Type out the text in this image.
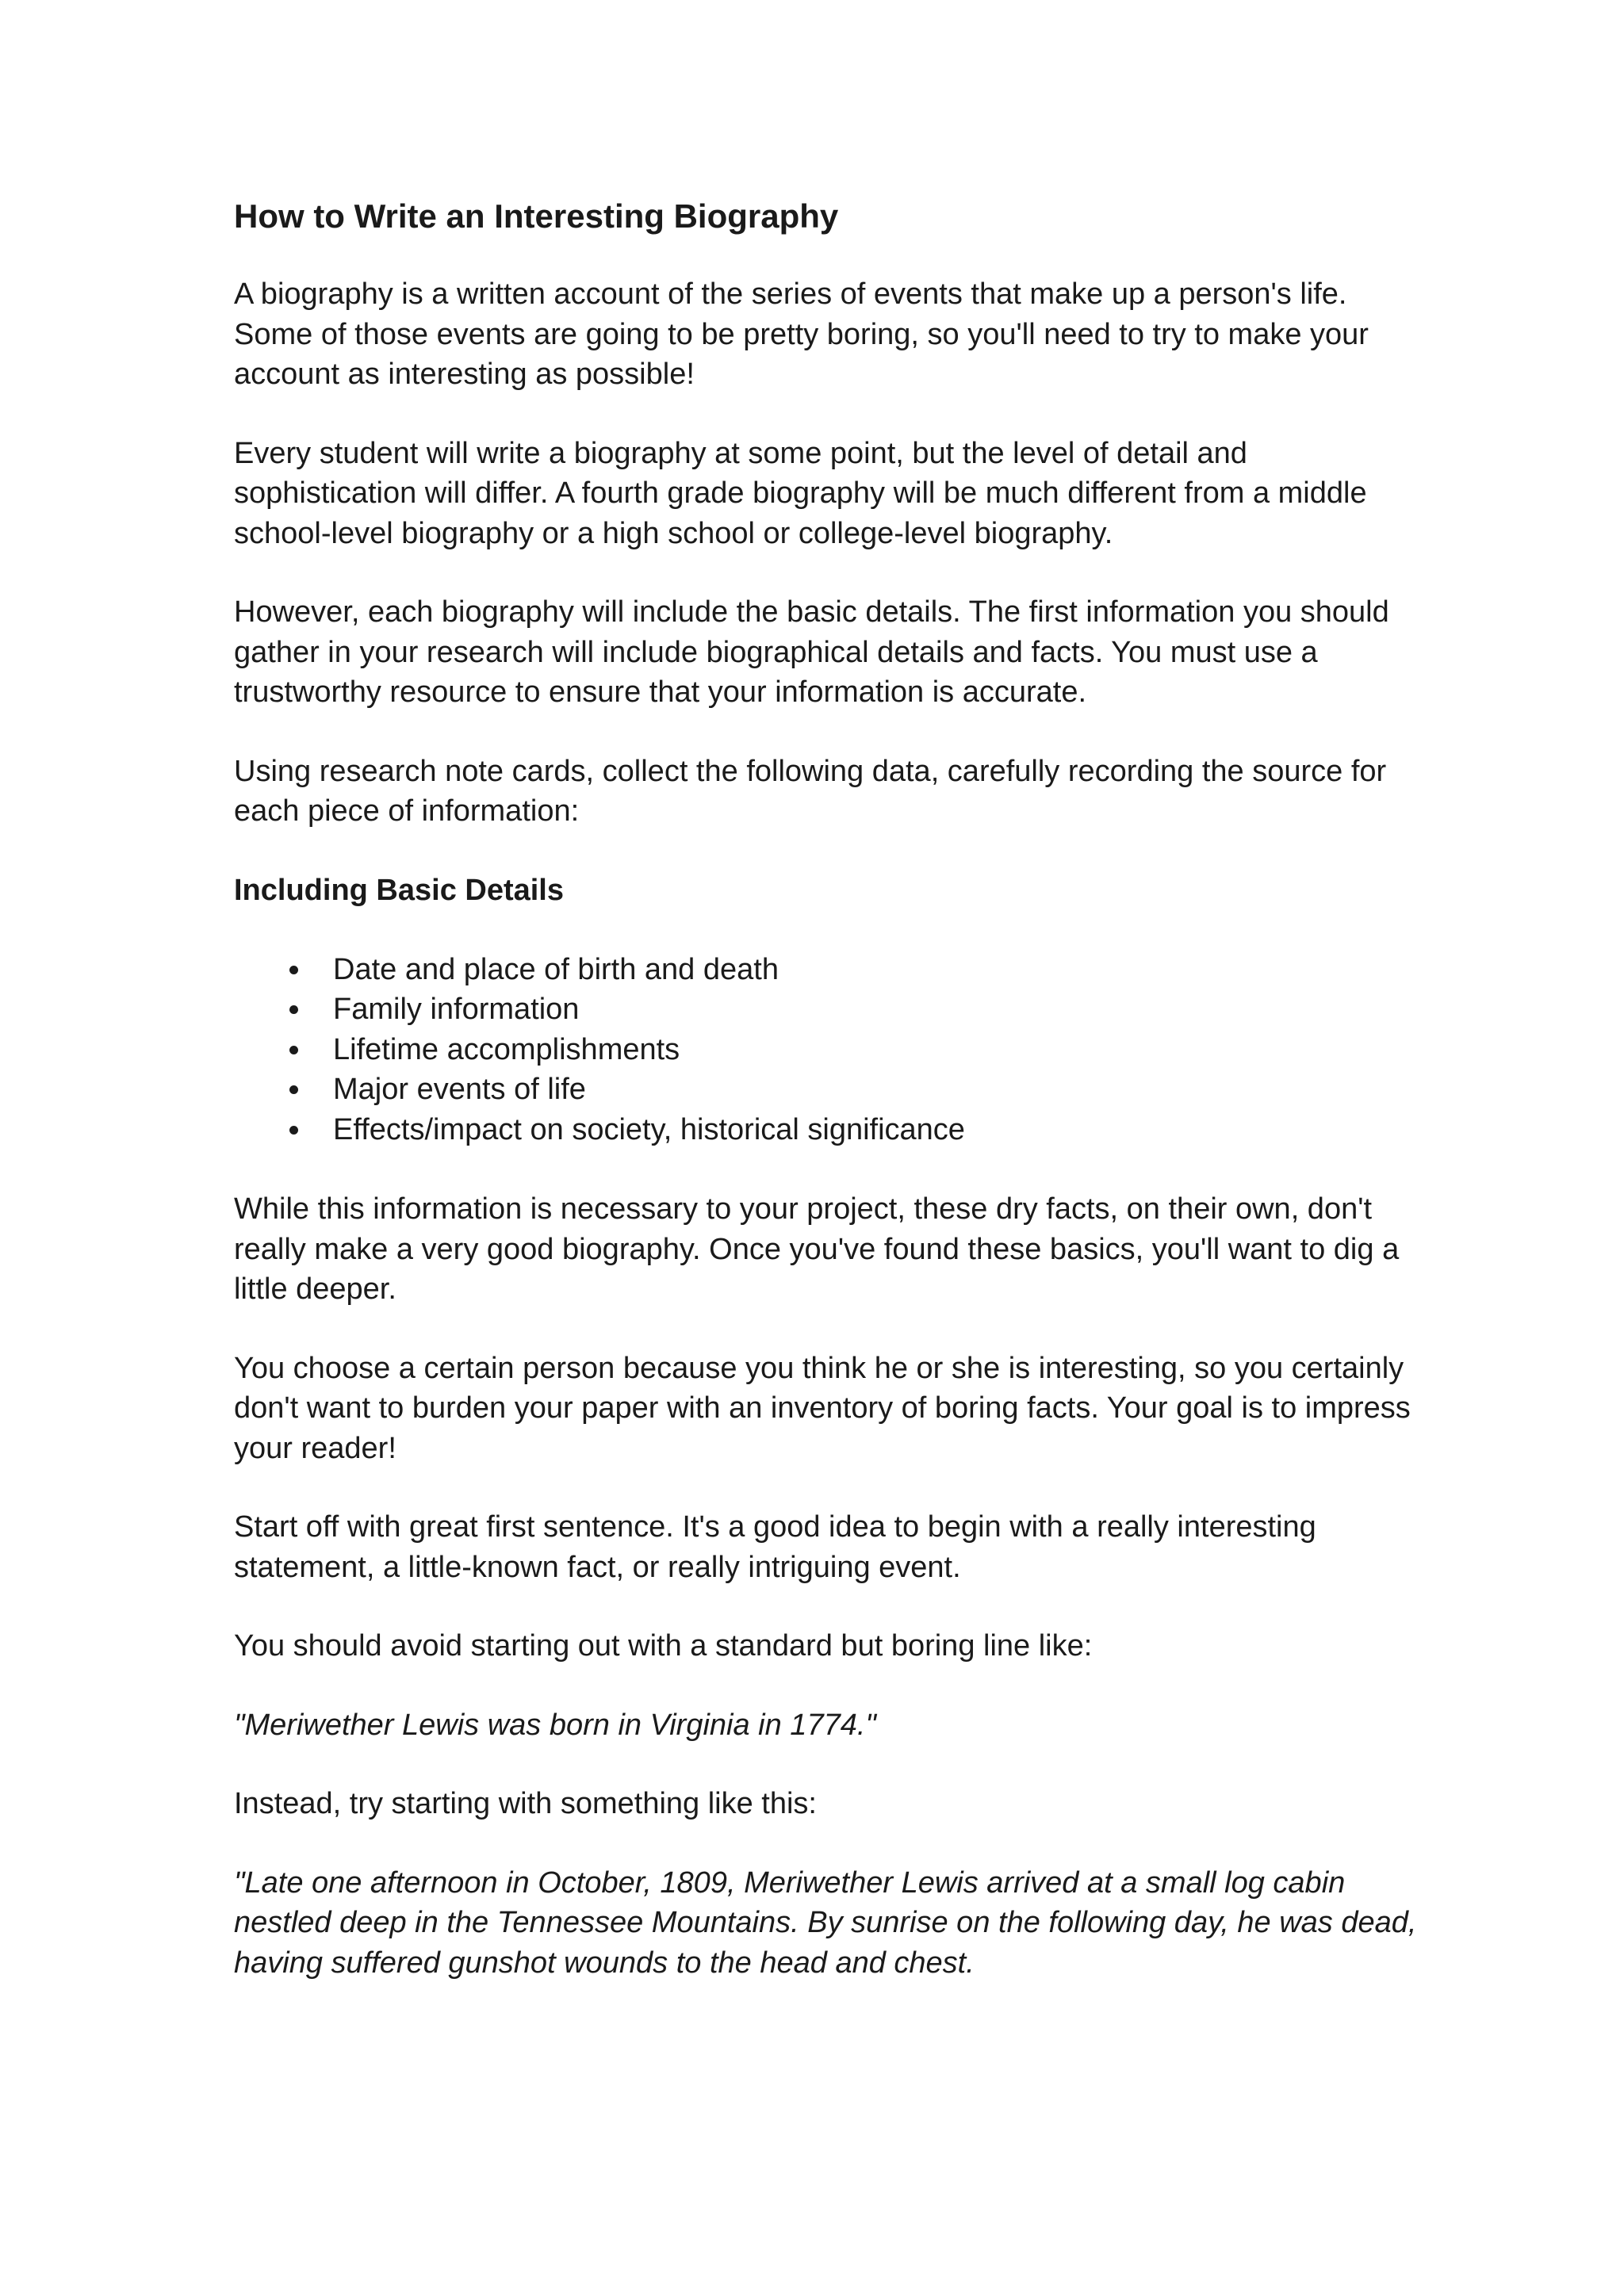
How to Write an Interesting Biography

A biography is a written account of the series of events that make up a person's life. Some of those events are going to be pretty boring, so you'll need to try to make your account as interesting as possible!

Every student will write a biography at some point, but the level of detail and sophistication will differ. A fourth grade biography will be much different from a middle school-level biography or a high school or college-level biography.

However, each biography will include the basic details. The first information you should gather in your research will include biographical details and facts. You must use a trustworthy resource to ensure that your information is accurate.

Using research note cards, collect the following data, carefully recording the source for each piece of information:

Including Basic Details
Date and place of birth and death
Family information
Lifetime accomplishments
Major events of life
Effects/impact on society, historical significance

While this information is necessary to your project, these dry facts, on their own, don't really make a very good biography. Once you've found these basics, you'll want to dig a little deeper.

You choose a certain person because you think he or she is interesting, so you certainly don't want to burden your paper with an inventory of boring facts. Your goal is to impress your reader!

Start off with great first sentence. It's a good idea to begin with a really interesting statement, a little-known fact, or really intriguing event.

You should avoid starting out with a standard but boring line like:

"Meriwether Lewis was born in Virginia in 1774."

Instead, try starting with something like this:

"Late one afternoon in October, 1809, Meriwether Lewis arrived at a small log cabin nestled deep in the Tennessee Mountains. By sunrise on the following day, he was dead, having suffered gunshot wounds to the head and chest.
